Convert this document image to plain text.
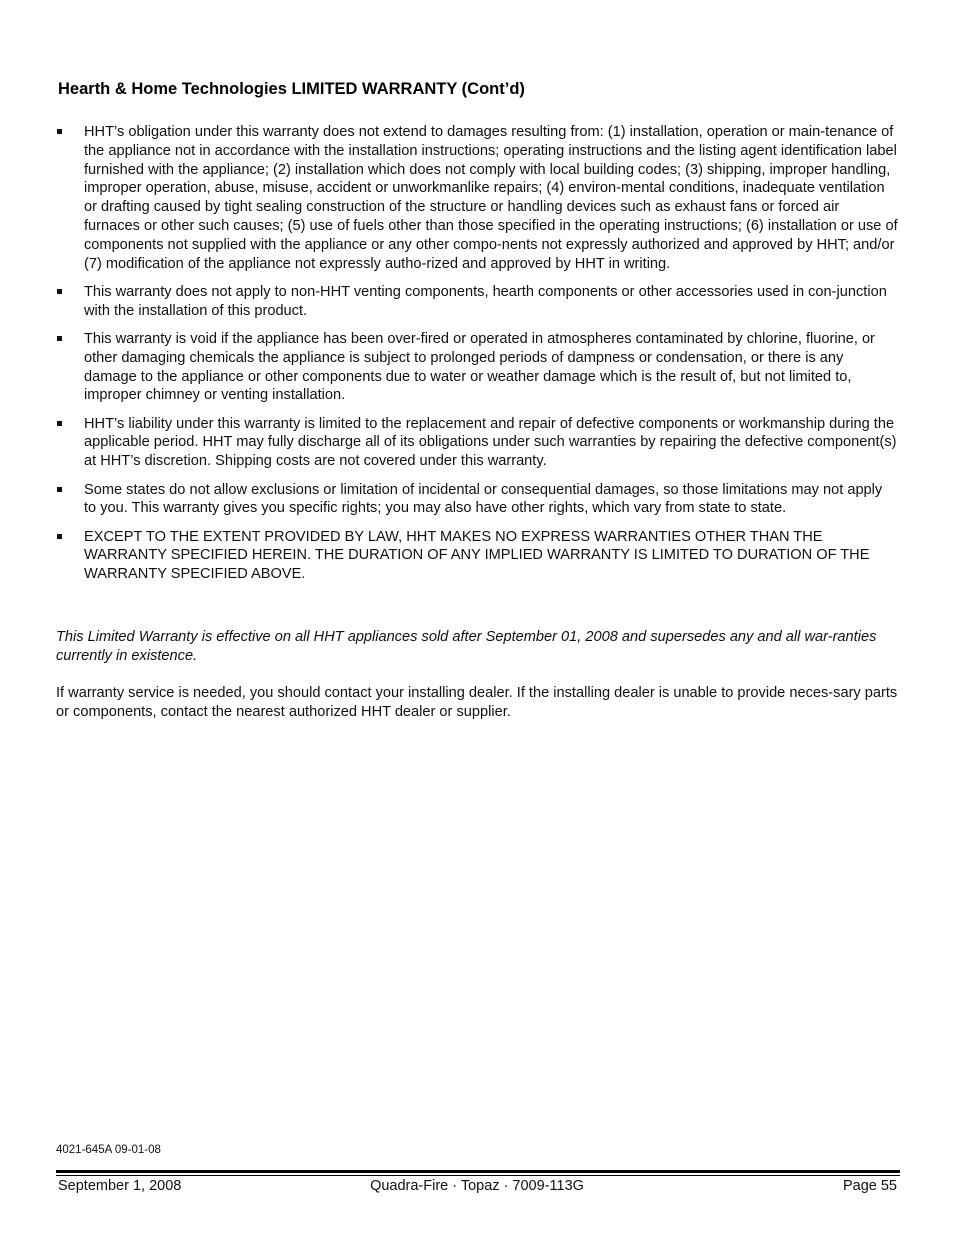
Hearth & Home Technologies LIMITED WARRANTY (Cont’d)
HHT’s obligation under this warranty does not extend to damages resulting from: (1) installation, operation or main-tenance of the appliance not in accordance with the installation instructions; operating instructions and the listing agent identification label furnished with the appliance; (2) installation which does not comply with local building codes; (3) shipping, improper handling, improper operation, abuse, misuse, accident or unworkmanlike repairs; (4) environ-mental conditions, inadequate ventilation or drafting caused by tight sealing construction of the structure or handling devices such as exhaust fans or forced air furnaces or other such causes; (5) use of fuels other than those specified in the operating instructions; (6) installation or use of components not supplied with the appliance or any other compo-nents not expressly authorized and approved by HHT; and/or (7) modification of the appliance not expressly autho-rized and approved by HHT in writing.
This warranty does not apply to non-HHT venting components, hearth components or other accessories used in con-junction with the installation of this product.
This warranty is void if the appliance has been over-fired or operated in atmospheres contaminated by chlorine, fluorine, or other damaging chemicals the appliance is subject to prolonged periods of dampness or condensation, or there is any damage to the appliance or other components due to water or weather damage which is the result of, but not limited to, improper chimney or venting installation.
HHT’s liability under this warranty is limited to the replacement and repair of defective components or workmanship during the applicable period. HHT may fully discharge all of its obligations under such warranties by repairing the defective component(s) at HHT’s discretion. Shipping costs are not covered under this warranty.
Some states do not allow exclusions or limitation of incidental or consequential damages, so those limitations may not apply to you. This warranty gives you specific rights; you may also have other rights, which vary from state to state.
EXCEPT TO THE EXTENT PROVIDED BY LAW, HHT MAKES NO EXPRESS WARRANTIES OTHER THAN THE WARRANTY SPECIFIED HEREIN. THE DURATION OF ANY IMPLIED WARRANTY IS LIMITED TO DURATION OF THE WARRANTY SPECIFIED ABOVE.

This Limited Warranty is effective on all HHT appliances sold after September 01, 2008 and supersedes any and all war-ranties currently in existence.

If warranty service is needed, you should contact your installing dealer. If the installing dealer is unable to provide neces-sary parts or components, contact the nearest authorized HHT dealer or supplier.

4021-645A 09-01-08
September 1, 2008	Quadra-Fire · Topaz · 7009-113G	Page 55
